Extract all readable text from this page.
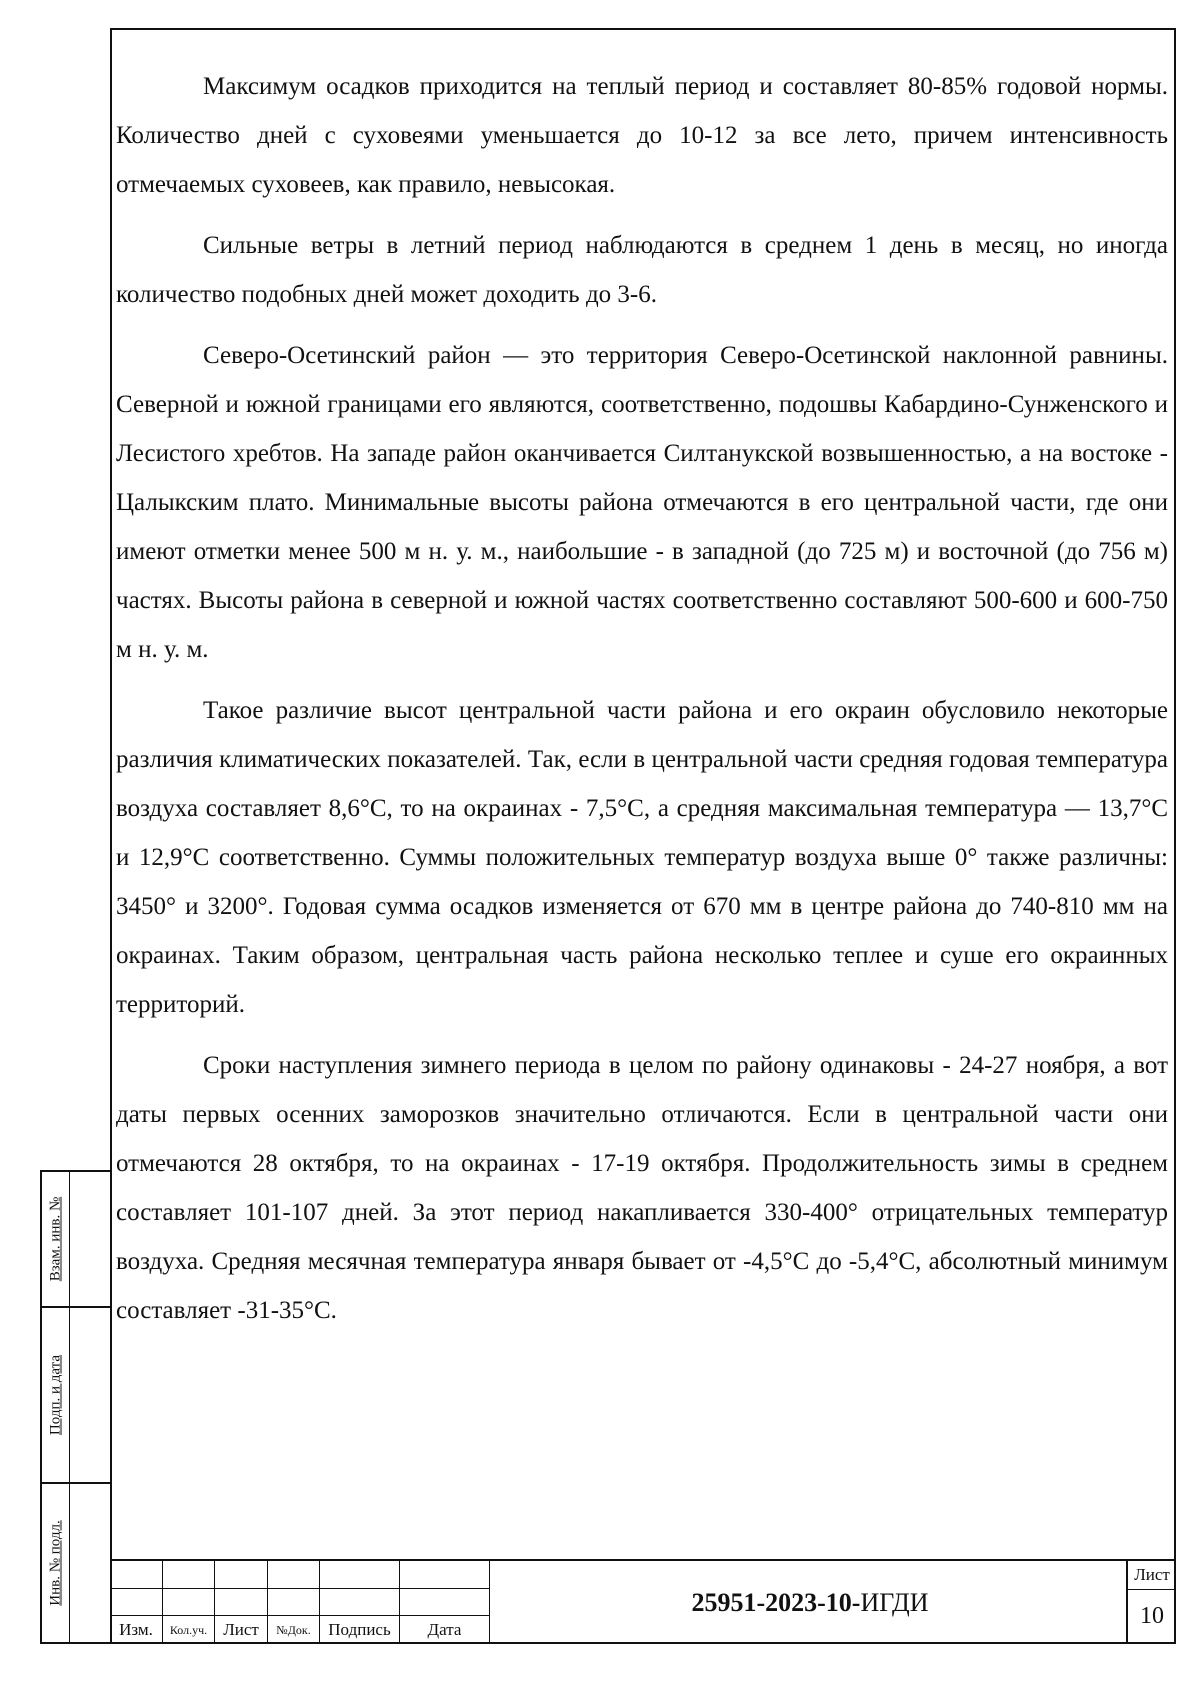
Максимум осадков приходится на теплый период и составляет 80-85% годовой нормы. Количество дней с суховеями уменьшается до 10-12 за все лето, причем интенсивность отмечаемых суховеев, как правило, невысокая.

Сильные ветры в летний период наблюдаются в среднем 1 день в месяц, но иногда количество подобных дней может доходить до 3-6.

Северо-Осетинский район — это территория Северо-Осетинской наклонной равнины. Северной и южной границами его являются, соответственно, подошвы Кабардино-Сунженского и Лесистого хребтов. На западе район оканчивается Силтанукской возвышенностью, а на востоке - Цалыкским плато. Минимальные высоты района отмечаются в его центральной части, где они имеют отметки менее 500 м н. у. м., наибольшие - в западной (до 725 м) и восточной (до 756 м) частях. Высоты района в северной и южной частях соответственно составляют 500-600 и 600-750 м н. у. м.

Такое различие высот центральной части района и его окраин обусловило некоторые различия климатических показателей. Так, если в центральной части средняя годовая температура воздуха составляет 8,6°С, то на окраинах - 7,5°С, а средняя максимальная температура — 13,7°С и 12,9°С соответственно. Суммы положительных температур воздуха выше 0° также различны: 3450° и 3200°. Годовая сумма осадков изменяется от 670 мм в центре района до 740-810 мм на окраинах. Таким образом, центральная часть района несколько теплее и суше его окраинных территорий.

Сроки наступления зимнего периода в целом по району одинаковы - 24-27 ноября, а вот даты первых осенних заморозков значительно отличаются. Если в центральной части они отмечаются 28 октября, то на окраинах - 17-19 октября. Продолжительность зимы в среднем составляет 101-107 дней. За этот период накапливается 330-400° отрицательных температур воздуха. Средняя месячная температура января бывает от -4,5°С до -5,4°С, абсолютный минимум составляет -31-35°С.

Взам. инв. №
Подп. и дата
Инв. № подл.
Изм.	Кол.уч. Лист	№Док.	Подпись	Дата
25951-2023-10- ИГДИ
Лист
10
